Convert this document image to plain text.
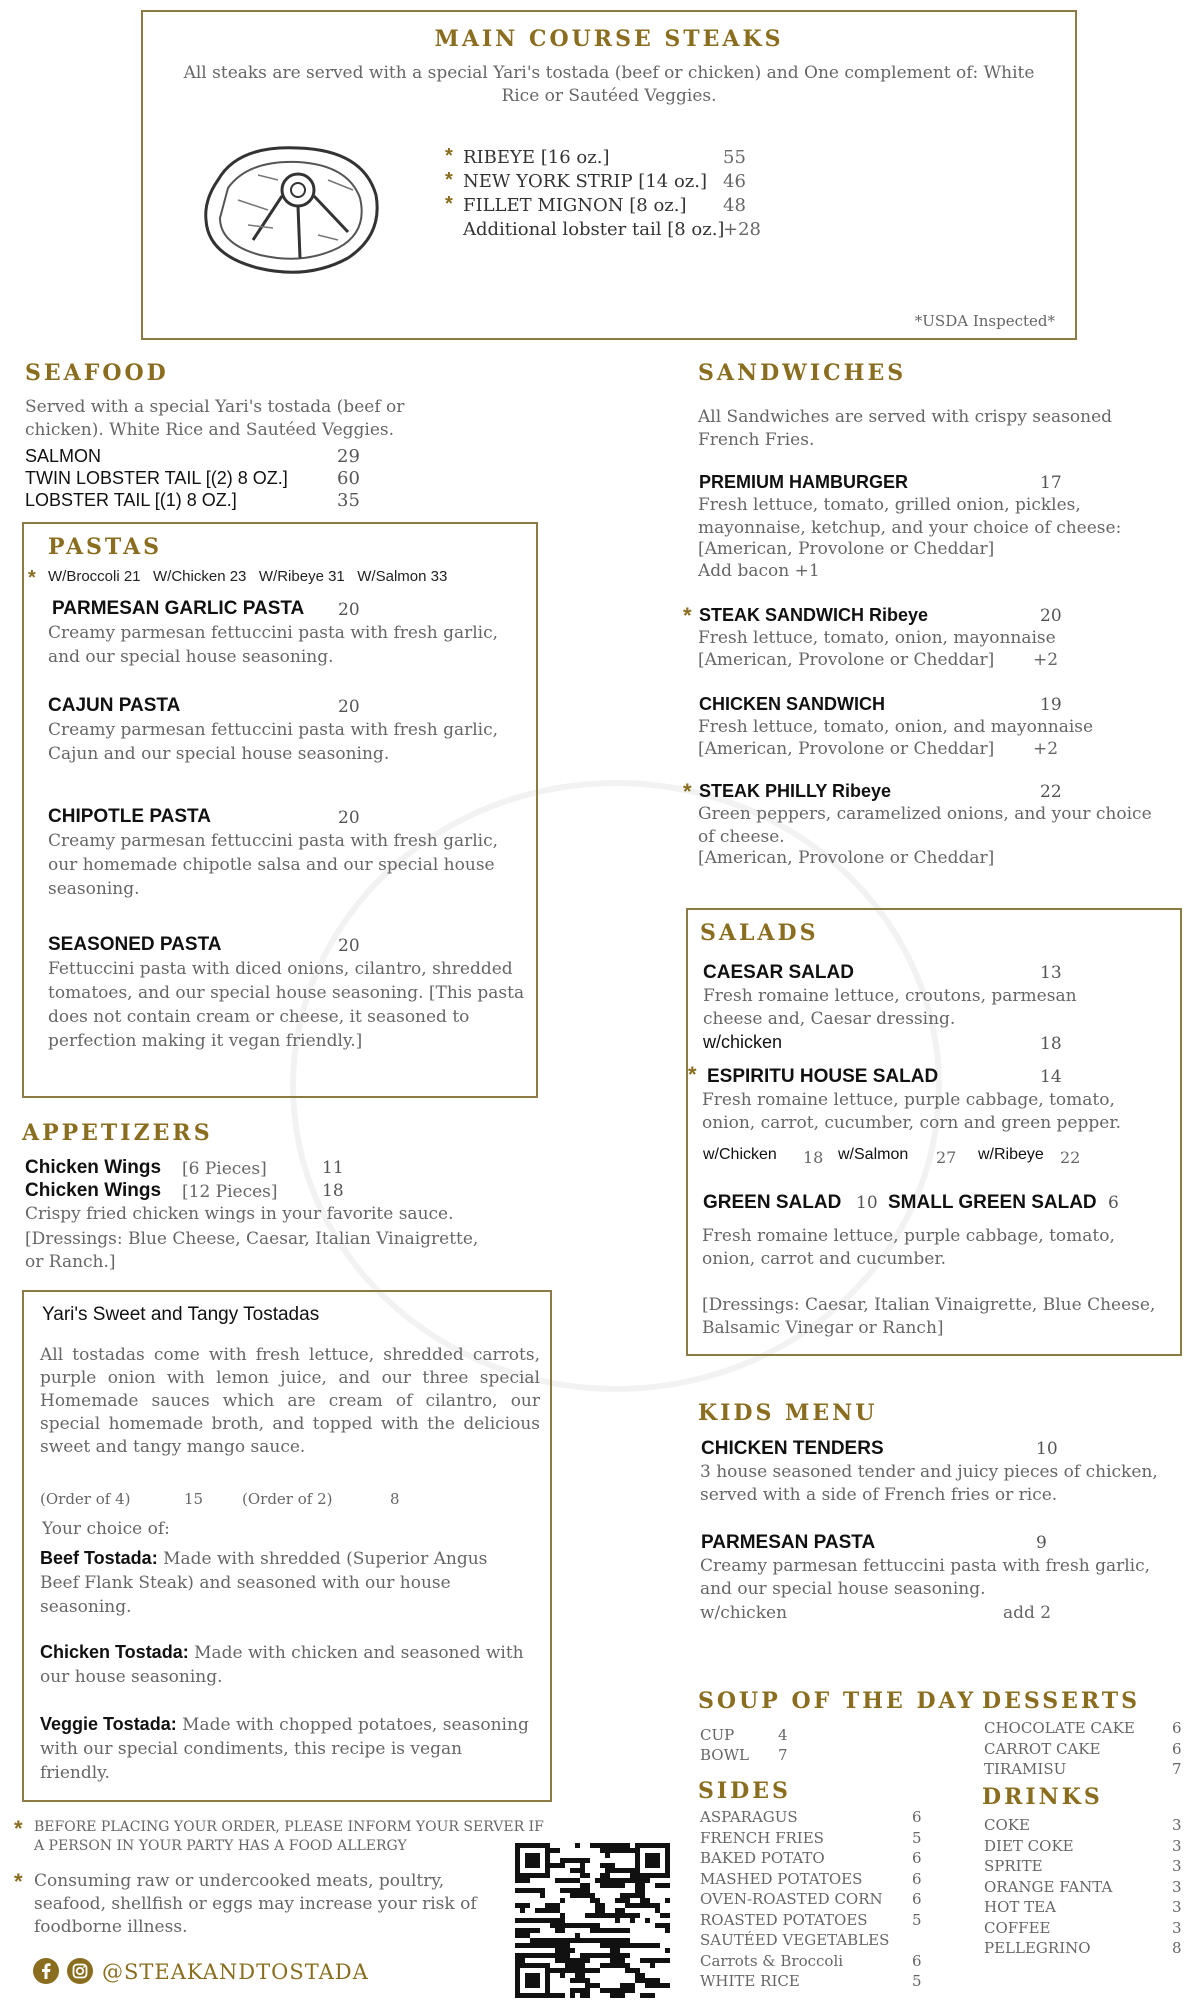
MAIN COURSE STEAKS
All steaks are served with a special Yari's tostada (beef or chicken) and One complement of: White Rice or Sautéed Veggies.
* RIBEYE [16 oz.]	55
* NEW YORK STRIP [14 oz.] 46
* FILLET MIGNON [8 oz.] 48
Additional lobster tail [8 oz.]
+28
*USDA Inspected*
SEAFOOD
Served with a special Yari's tostada (beef or chicken). White Rice and Sautéed Veggies.
PASTAS
* W/Broccoli 21   W/Chicken 23   W/Ribeye 31   W/Salmon 33
APPETIZERS
Crispy fried chicken wings in your favorite sauce.
[Dressings: Blue Cheese, Caesar, Italian Vinaigrette, or Ranch.]
Yari's Sweet and Tangy Tostadas
All tostadas come with fresh lettuce, shredded carrots, purple onion with lemon juice, and our three special Homemade sauces which are cream of cilantro, our special homemade broth, and topped with the delicious sweet and tangy mango sauce.
(Order of 4)	15	(Order of 2)	8
Your choice of:
Beef Tostada: Made with shredded (Superior Angus Beef Flank Steak) and seasoned with our house seasoning.
Chicken Tostada: Made with chicken and seasoned with our house seasoning.
Veggie Tostada: Made with chopped potatoes, seasoning with our special condiments, this recipe is vegan friendly.
* BEFORE PLACING YOUR ORDER, PLEASE INFORM YOUR SERVER IF A PERSON IN YOUR PARTY HAS A FOOD ALLERGY
* Consuming raw or undercooked meats, poultry, seafood, shellfish or eggs may increase your risk of foodborne illness.
@STEAKANDTOSTADA
SANDWICHES
All Sandwiches are served with crispy seasoned French Fries.
SALADS
CAESAR SALAD	13
Fresh romaine lettuce, croutons, parmesan cheese and, Caesar dressing.
w/chicken	18
* ESPIRITU HOUSE SALAD	14
Fresh romaine lettuce, purple cabbage, tomato, onion, carrot, cucumber, corn and green pepper.
GREEN SALAD 10 SMALL GREEN SALAD 6
Fresh romaine lettuce, purple cabbage, tomato, onion, carrot and cucumber.
[Dressings: Caesar, Italian Vinaigrette, Blue Cheese, Balsamic Vinegar or Ranch]
KIDS MENU
SOUP OF THE DAY
SIDES
DESSERTS
DRINKS
SALMON	29
TWIN LOBSTER TAIL [(2) 8 OZ.]	60
LOBSTER TAIL [(1) 8 OZ.]	35
PARMESAN GARLIC PASTA 20
Creamy parmesan fettuccini pasta with fresh garlic, and our special house seasoning.
CAJUN PASTA	20
Creamy parmesan fettuccini pasta with fresh garlic, Cajun and our special house seasoning.
CHIPOTLE PASTA	20
Creamy parmesan fettuccini pasta with fresh garlic, our homemade chipotle salsa and our special house seasoning.
SEASONED PASTA	20
Fettuccini pasta with diced onions, cilantro, shredded tomatoes, and our special house seasoning. [This pasta does not contain cream or cheese, it seasoned to perfection making it vegan friendly.]
Chicken Wings [6 Pieces]	11
Chicken Wings [12 Pieces]	18
PREMIUM HAMBURGER	17
Fresh lettuce, tomato, grilled onion, pickles, mayonnaise, ketchup, and your choice of cheese:
[American, Provolone or Cheddar]
Add bacon +1
* STEAK SANDWICH Ribeye	20
Fresh lettuce, tomato, onion, mayonnaise
[American, Provolone or Cheddar] +2
CHICKEN SANDWICH	19
Fresh lettuce, tomato, onion, and mayonnaise
[American, Provolone or Cheddar] +2
* STEAK PHILLY Ribeye	22
Green peppers, caramelized onions, and your choice of cheese.
[American, Provolone or Cheddar]
w/Chicken 18 w/Salmon 27 w/Ribeye 22
CHICKEN TENDERS	10
3 house seasoned tender and juicy pieces of chicken, served with a side of French fries or rice.
PARMESAN PASTA	9
Creamy parmesan fettuccini pasta with fresh garlic, and our special house seasoning.
w/chicken	add 2
CUP	4
BOWL 7
ASPARAGUS	6
FRENCH FRIES	5
BAKED POTATO	6
MASHED POTATOES	6
OVEN-ROASTED CORN 6
ROASTED POTATOES	5
SAUTÉED VEGETABLES
Carrots & Broccoli	6
WHITE RICE	5
CHOCOLATE CAKE 6
CARROT CAKE	6
TIRAMISU	7
COKE	3
DIET COKE	3
SPRITE	3
ORANGE FANTA	3
HOT TEA	3
COFFEE	3
PELLEGRINO	8
